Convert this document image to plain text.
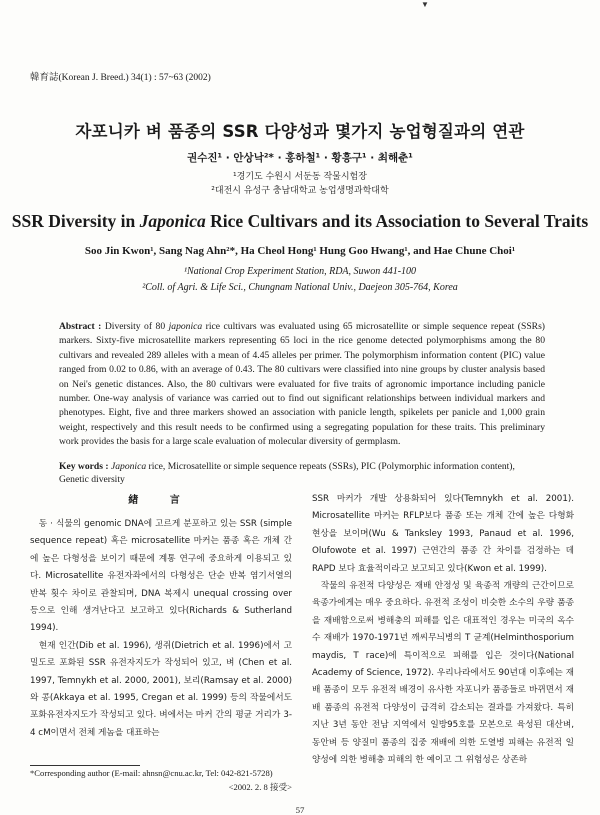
▼
韓育誌(Korean J. Breed.) 34(1) : 57~63 (2002)
자포니카 벼 품종의 SSR 다양성과 몇가지 농업형질과의 연관
권수진¹ · 안상낙²* · 홍하철¹ · 황흥구¹ · 최해춘¹
¹경기도 수원시 서둔동 작물시험장
²대전시 유성구 충남대학교 농업생명과학대학
SSR Diversity in Japonica Rice Cultivars and its Association to Several Traits
Soo Jin Kwon¹, Sang Nag Ahn²*, Ha Cheol Hong¹ Hung Goo Hwang¹, and Hae Chune Choi¹
¹National Crop Experiment Station, RDA, Suwon 441-100
²Coll. of Agri. & Life Sci., Chungnam National Univ., Daejeon 305-764, Korea
Abstract : Diversity of 80 japonica rice cultivars was evaluated using 65 microsatellite or simple sequence repeat (SSRs) markers. Sixty-five microsatellite markers representing 65 loci in the rice genome detected polymorphisms among the 80 cultivars and revealed 289 alleles with a mean of 4.45 alleles per primer. The polymorphism information content (PIC) value ranged from 0.02 to 0.86, with an average of 0.43. The 80 cultivars were classified into nine groups by cluster analysis based on Nei's genetic distances. Also, the 80 cultivars were evaluated for five traits of agronomic importance including panicle number. One-way analysis of variance was carried out to find out significant relationships between individual markers and phenotypes. Eight, five and three markers showed an association with panicle length, spikelets per panicle and 1,000 grain weight, respectively and this result needs to be confirmed using a segregating population for these traits. This preliminary work provides the basis for a large scale evaluation of molecular diversity of germplasm.
Key words : Japonica rice, Microsatellite or simple sequence repeats (SSRs), PIC (Polymorphic information content), Genetic diversity
緖 言

동 · 식물의 genomic DNA에 고르게 분포하고 있는 SSR (simple sequence repeat) 혹은 microsatellite 마커는 품종 혹은 개체 간에 높은 다형성을 보이기 때문에 계통 연구에 중요하게 이용되고 있다. Microsatellite 유전자좌에서의 다형성은 단순 반복 염기서열의 반복 횟수 차이로 관찰되며, DNA 복제시 unequal crossing over 등으로 인해 생겨난다고 보고하고 있다(Richards & Sutherland 1994).

현재 인간(Dib et al. 1996), 생쥐(Dietrich et al. 1996)에서 고밀도로 포화된 SSR 유전자지도가 작성되어 있고, 벼 (Chen et al. 1997, Temnykh et al. 2000, 2001), 보리(Ramsay et al. 2000)와 콩(Akkaya et al. 1995, Cregan et al. 1999) 등의 작물에서도 포화유전자지도가 작성되고 있다. 벼에서는 마커 간의 평균 거리가 3-4 cM이면서 전체 게놈을 대표하는

SSR 마커가 개발 상용화되어 있다(Temnykh et al. 2001). Microsatellite 마커는 RFLP보다 품종 또는 개체 간에 높은 다형화 현상을 보이며(Wu & Tanksley 1993, Panaud et al. 1996, Olufowote et al. 1997) 근연간의 품종 간 차이를 검정하는 데 RAPD 보다 효율적이라고 보고되고 있다(Kwon et al. 1999).

작물의 유전적 다양성은 재배 안정성 및 육종적 개량의 근간이므로 육종가에게는 매우 중요하다. 유전적 조성이 비슷한 소수의 우량 품종을 재배함으로써 병해충의 피해를 입은 대표적인 경우는 미국의 옥수수 재배가 1970-1971년 깨씨무늬병의 T 균계(Helminthosporium maydis, T race)에 특이적으로 피해를 입은 것이다(National Academy of Science, 1972). 우리나라에서도 90년대 이후에는 재배 품종이 모두 유전적 배경이 유사한 자포니카 품종들로 바뀌면서 재배 품종의 유전적 다양성이 급격히 감소되는 결과를 가져왔다. 특히 지난 3년 동안 전남 지역에서 일방95호를 모본으로 육성된 대산벼, 동안벼 등 양질미 품종의 집중 재배에 의한 도열병 피해는 유전적 일양성에 의한 병해충 피해의 한 예이고 그 위험성은 상존하

*Corresponding author (E-mail: ahnsn@cnu.ac.kr, Tel: 042-821-5728)
<2002. 2. 8 接受>
57
